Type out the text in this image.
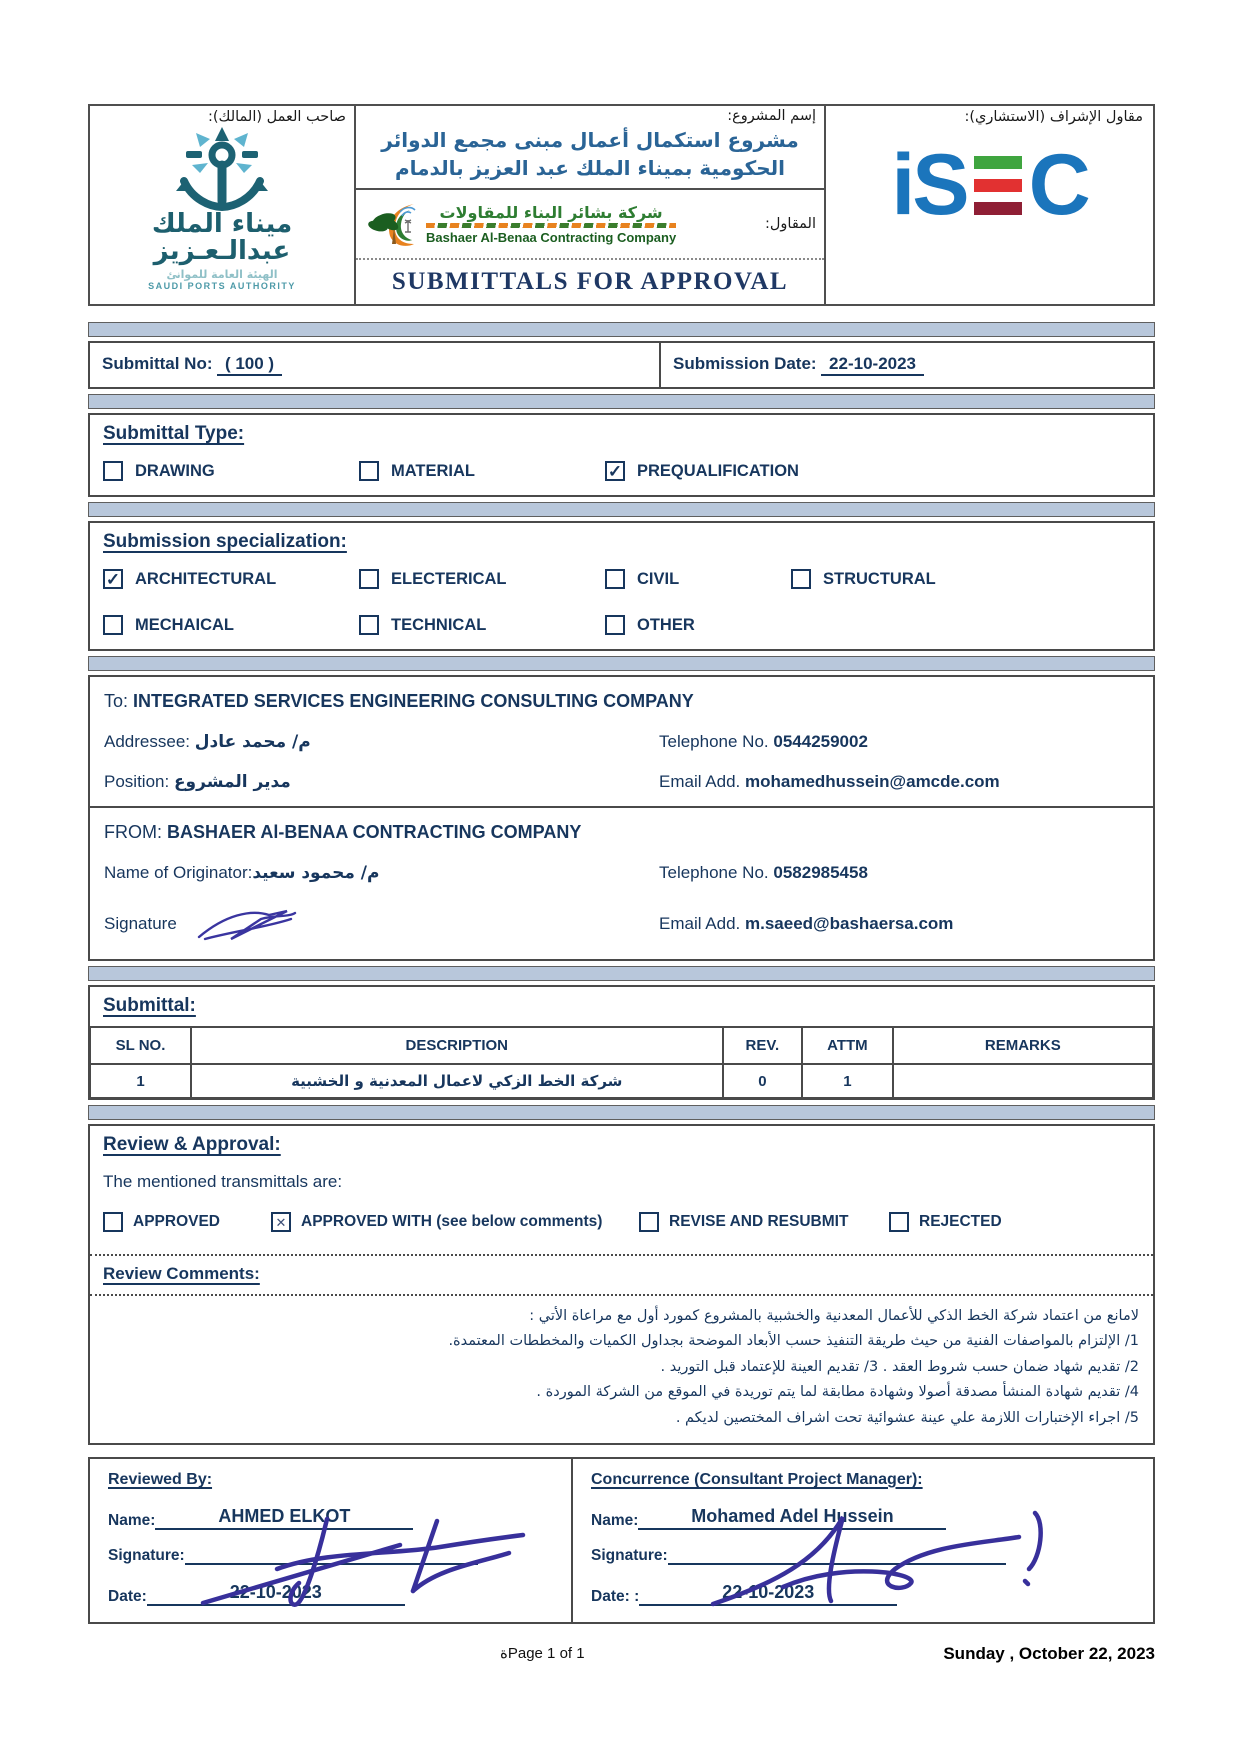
صاحب العمل (المالك):
ميناء الملك
عبدالـعـزيز
الهيئة العامة للموانئ
SAUDI PORTS AUTHORITY
إسم المشروع:
مشروع استكمال أعمال مبنى مجمع الدوائر الحكومية بميناء الملك عبد العزيز بالدمام
شركة بشائر البناء للمقاولات
Bashaer Al-Benaa Contracting Company
المقاول:
SUBMITTALS FOR APPROVAL
مقاول الإشراف (الاستشاري):
iS C
Submittal No: ( 100 )	Submission Date: 22-10-2023
Submittal Type:
DRAWING	MATERIAL	✓ PREQUALIFICATION
Submission specialization:
✓ ARCHITECTURAL	ELECTERICAL	CIVIL	STRUCTURAL
MECHAICAL	TECHNICAL	OTHER
To: INTEGRATED SERVICES ENGINEERING CONSULTING COMPANY
Addressee: م/ محمد عادل	Telephone No. 0544259002
Position: مدير المشروع	Email Add. mohamedhussein@amcde.com
FROM: BASHAER Al-BENAA CONTRACTING COMPANY
Name of Originator:م/ محمود سعيد	Telephone No. 0582985458
Signature	Email Add. m.saeed@bashaersa.com
Submittal:
SL NO.	DESCRIPTION	REV.	ATTM	REMARKS
1	شركة الخط الزكي لاعمال المعدنية و الخشبية	0	1	
Review & Approval:
The mentioned transmittals are:
APPROVED	✕ APPROVED WITH (see below comments)	REVISE AND RESUBMIT	REJECTED
Review Comments:
لامانع من اعتماد شركة الخط الذكي للأعمال المعدنية والخشبية بالمشروع كمورد أول مع مراعاة الأتي :
1/ الإلتزام بالمواصفات الفنية من حيث طريقة التنفيذ حسب الأبعاد الموضحة بجداول الكميات والمخططات المعتمدة.
2/ تقديم شهاد ضمان حسب شروط العقد . 3/ تقديم العينة للإعتماد قبل التوريد .
4/ تقديم شهادة المنشأ مصدقة أصولا وشهادة مطابقة لما يتم توريدة في الموقع من الشركة الموردة .
5/ اجراء الإختبارات اللازمة علي عينة عشوائية تحت اشراف المختصين لديكم .
Reviewed By:
Name:	AHMED ELKOT
Signature:
Date:	22-10-2023
Concurrence (Consultant Project Manager):
Name:	Mohamed Adel Hussein
Signature:
Date: :	22-10-2023
ةPage 1 of 1	Sunday , October 22, 2023
